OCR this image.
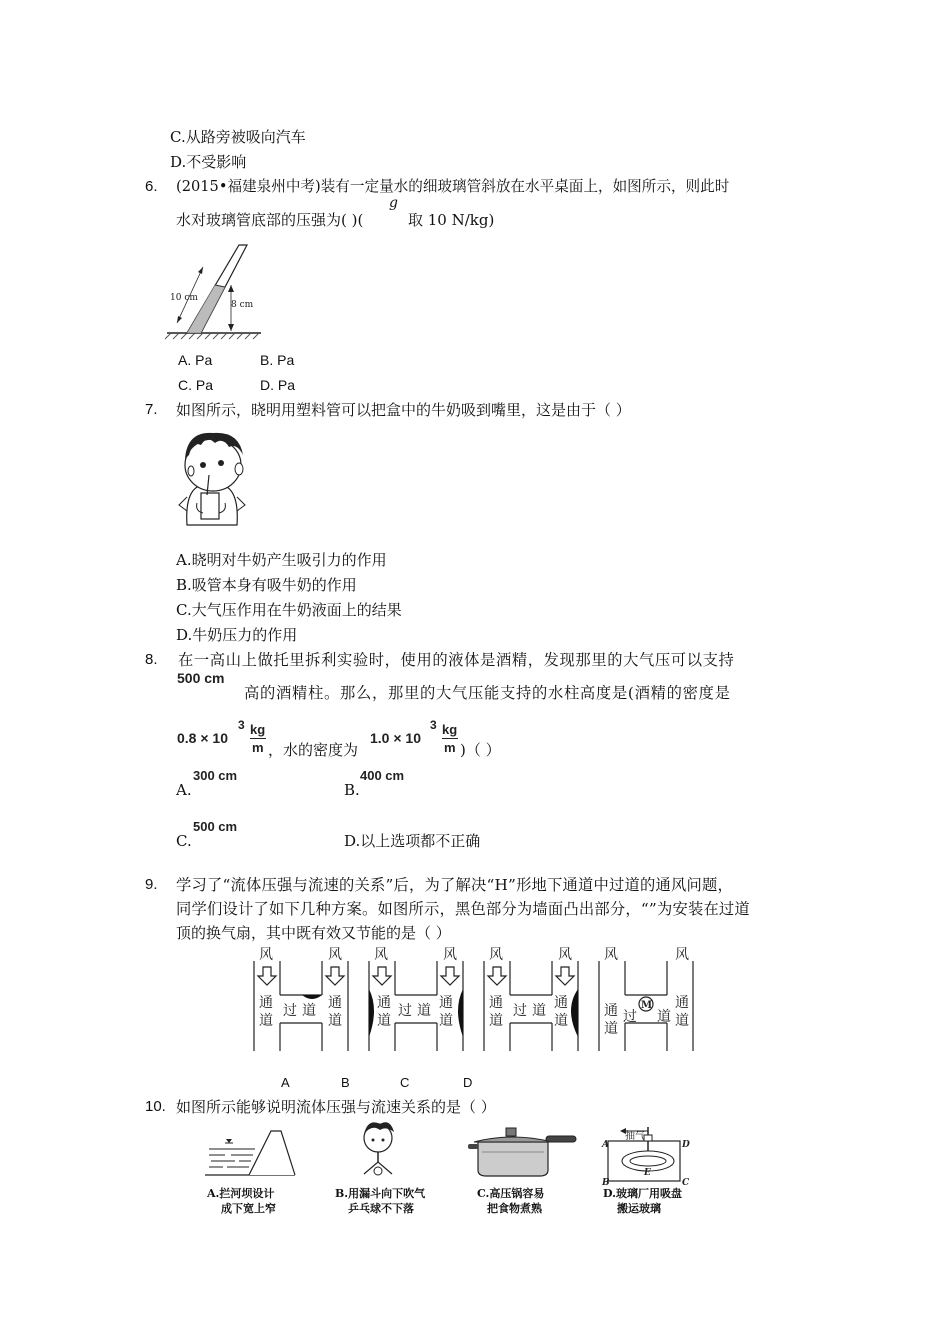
C.从路旁被吸向汽车
D.不受影响
6. (2015•福建泉州中考)装有一定量水的细玻璃管斜放在水平桌面上，如图所示，则此时
水对玻璃管底部的压强为( )(
g
取 10 N/kg)
10 cm
8 cm
A. Pa	B. Pa
C. Pa	D. Pa
7. 如图所示，晓明用塑料管可以把盒中的牛奶吸到嘴里，这是由于（ ）
A.晓明对牛奶产生吸引力的作用
B.吸管本身有吸牛奶的作用
C.大气压作用在牛奶液面上的结果
D.牛奶压力的作用
8. 在一高山上做托里拆利实验时，使用的液体是酒精，发现那里的大气压可以支持
500 cm
高的酒精柱。那么，那里的大气压能支持的水柱高度是(酒精的密度是
0.8 × 10
3 kg
m ，水的密度为
1.0 × 10
3 kg
m )（ ）
A.
300 cm
B.
400 cm
C.
500 cm
D.以上选项都不正确
9. 学习了“流体压强与流速的关系”后，为了解决“H”形地下通道中过道的通风问题，
同学们设计了如下几种方案。如图所示，黑色部分为墙面凸出部分，“”为安装在过道
顶的换气扇，其中既有效又节能的是（ ）
风	风
通
道
通
道
过 道
风	风
通
道
通
道
过 道
风	风
通
道
通
道
过 道	M
风	风
通
道
通
道
过 道
A	B	C	D
10. 如图所示能够说明流体压强与流速关系的是（ ）
抽气
A	D
B	C
E
A.拦河坝设计
成下宽上窄
B.用漏斗向下吹气
乒乓球不下落
C.高压锅容易
把食物煮熟
D.玻璃厂用吸盘
搬运玻璃
